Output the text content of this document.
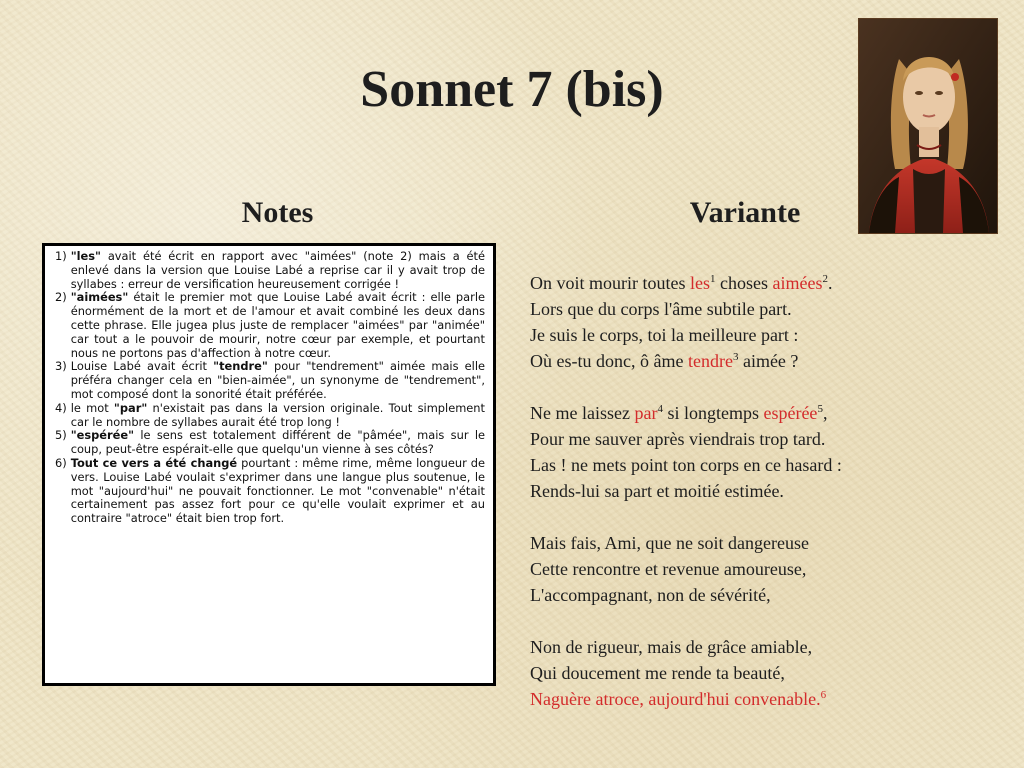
Sonnet 7 (bis)
Notes	Variante
1) "les" avait été écrit en rapport avec "aimées" (note 2) mais a été enlevé dans la version que Louise Labé a reprise car il y avait trop de syllabes : erreur de versification heureusement corrigée !
2) "aimées" était le premier mot que Louise Labé avait écrit : elle parle énormément de la mort et de l'amour et avait combiné les deux dans cette phrase. Elle jugea plus juste de remplacer "aimées" par "animée" car tout a le pouvoir de mourir, notre cœur par exemple, et pourtant nous ne portons pas d'affection à notre cœur.
3) Louise Labé avait écrit "tendre" pour "tendrement" aimée mais elle préféra changer cela en "bien-aimée", un synonyme de "tendrement", mot composé dont la sonorité était préférée.
4) le mot "par" n'existait pas dans la version originale. Tout simplement car le nombre de syllabes aurait été trop long !
5) "espérée" le sens est totalement différent de "pâmée", mais sur le coup, peut-être espérait-elle que quelqu'un vienne à ses côtés?
6) Tout ce vers a été changé pourtant : même rime, même longueur de vers. Louise Labé voulait s'exprimer dans une langue plus soutenue, le mot "aujourd'hui" ne pouvait fonctionner. Le mot "convenable" n'était certainement pas assez fort pour ce qu'elle voulait exprimer et au contraire "atroce" était bien trop fort.
On voit mourir toutes les$^1$ choses aimées$^2$.
Lors que du corps l'âme subtile part.
Je suis le corps, toi la meilleure part :
Où es-tu donc, ô âme tendre$^3$ aimée ?
Ne me laissez par$^4$ si longtemps espérée$^5$,
Pour me sauver après viendrais trop tard.
Las ! ne mets point ton corps en ce hasard :
Rends-lui sa part et moitié estimée.
Mais fais, Ami, que ne soit dangereuse
Cette rencontre et revenue amoureuse,
L'accompagnant, non de sévérité,
Non de rigueur, mais de grâce amiable,
Qui doucement me rende ta beauté,
Naguère atroce, aujourd'hui convenable.$^6$
